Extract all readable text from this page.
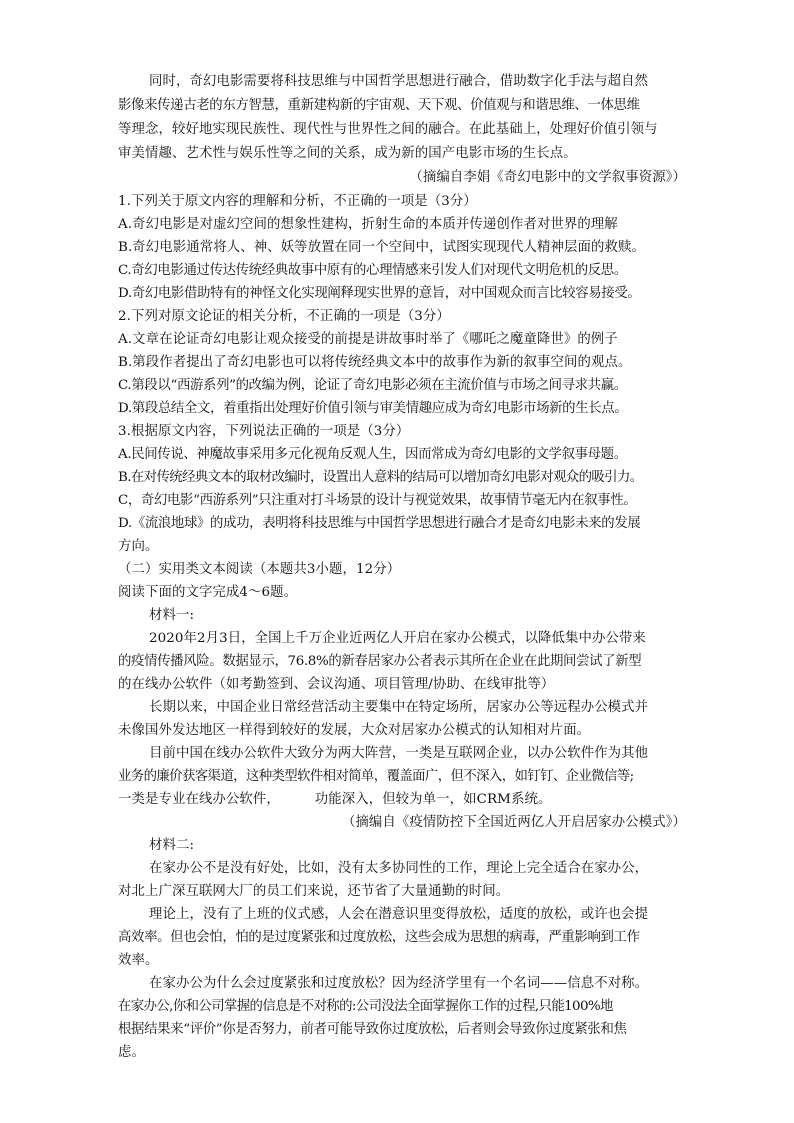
同时，奇幻电影需要将科技思维与中国哲学思想进行融合，借助数字化手法与超自然
影像来传递古老的东方智慧，重新建构新的宇宙观、天下观、价值观与和谐思维、一体思维
等理念，较好地实现民族性、现代性与世界性之间的融合。在此基础上，处理好价值引领与
审美情趣、艺术性与娱乐性等之间的关系，成为新的国产电影市场的生长点。
（摘编自李娟《奇幻电影中的文学叙事资源》）
1.下列关于原文内容的理解和分析，不正确的一项是（3分）
A.奇幻电影是对虚幻空间的想象性建构，折射生命的本质并传递创作者对世界的理解
B.奇幻电影通常将人、神、妖等放置在同一个空间中，试图实现现代人精神层面的救赎。
C.奇幻电影通过传达传统经典故事中原有的心理情感来引发人们对现代文明危机的反思。
D.奇幻电影借助特有的神怪文化实现阐释现实世界的意旨，对中国观众而言比较容易接受。
2.下列对原文论证的相关分析，不正确的一项是（3分）
A.文章在论证奇幻电影让观众接受的前提是讲故事时举了《哪吒之魔童降世》的例子
B.第段作者提出了奇幻电影也可以将传统经典文本中的故事作为新的叙事空间的观点。
C.第段以“西游系列”的改编为例，论证了奇幻电影必须在主流价值与市场之间寻求共赢。
D.第段总结全文，着重指出处理好价值引领与审美情趣应成为奇幻电影市场新的生长点。
3.根据原文内容，下列说法正确的一项是（3分）
A.民间传说、神魔故事采用多元化视角反观人生，因而常成为奇幻电影的文学叙事母题。
B.在对传统经典文本的取材改编时，设置出人意料的结局可以增加奇幻电影对观众的吸引力。
C，奇幻电影“西游系列”只注重对打斗场景的设计与视觉效果，故事情节毫无内在叙事性。
D.《流浪地球》的成功，表明将科技思维与中国哲学思想进行融合才是奇幻电影未来的发展
方向。
（二）实用类文本阅读（本题共3小题，12分）
阅读下面的文字完成4～6题。
材料一:
2020年2月3日，全国上千万企业近两亿人开启在家办公模式，以降低集中办公带来
的疫情传播风险。数据显示，76.8%的新春居家办公者表示其所在企业在此期间尝试了新型
的在线办公软件（如考勤签到、会议沟通、项目管理/协助、在线审批等）
长期以来，中国企业日常经营活动主要集中在特定场所，居家办公等远程办公模式并
未像国外发达地区一样得到较好的发展，大众对居家办公模式的认知相对片面。
目前中国在线办公软件大致分为两大阵营，一类是互联网企业，以办公软件作为其他
业务的廉价获客渠道，这种类型软件相对简单，覆盖面广，但不深入，如钉钉、企业微信等;
一类是专业在线办公软件，        功能深入，但较为单一，如CRM系统。
（摘编自《疫情防控下全国近两亿人开启居家办公模式》）
材料二:
在家办公不是没有好处，比如，没有太多协同性的工作，理论上完全适合在家办公，
对北上广深互联网大厂的员工们来说，还节省了大量通勤的时间。
理论上，没有了上班的仪式感，人会在潜意识里变得放松，适度的放松，或许也会提
高效率。但也会怕，怕的是过度紧张和过度放松，这些会成为思想的病毒，严重影响到工作
效率。
在家办公为什么会过度紧张和过度放松？因为经济学里有一个名词——信息不对称。
在家办公,你和公司掌握的信息是不对称的:公司没法全面掌握你工作的过程,只能100%地
根据结果来“评价”你是否努力，前者可能导致你过度放松，后者则会导致你过度紧张和焦
虑。
